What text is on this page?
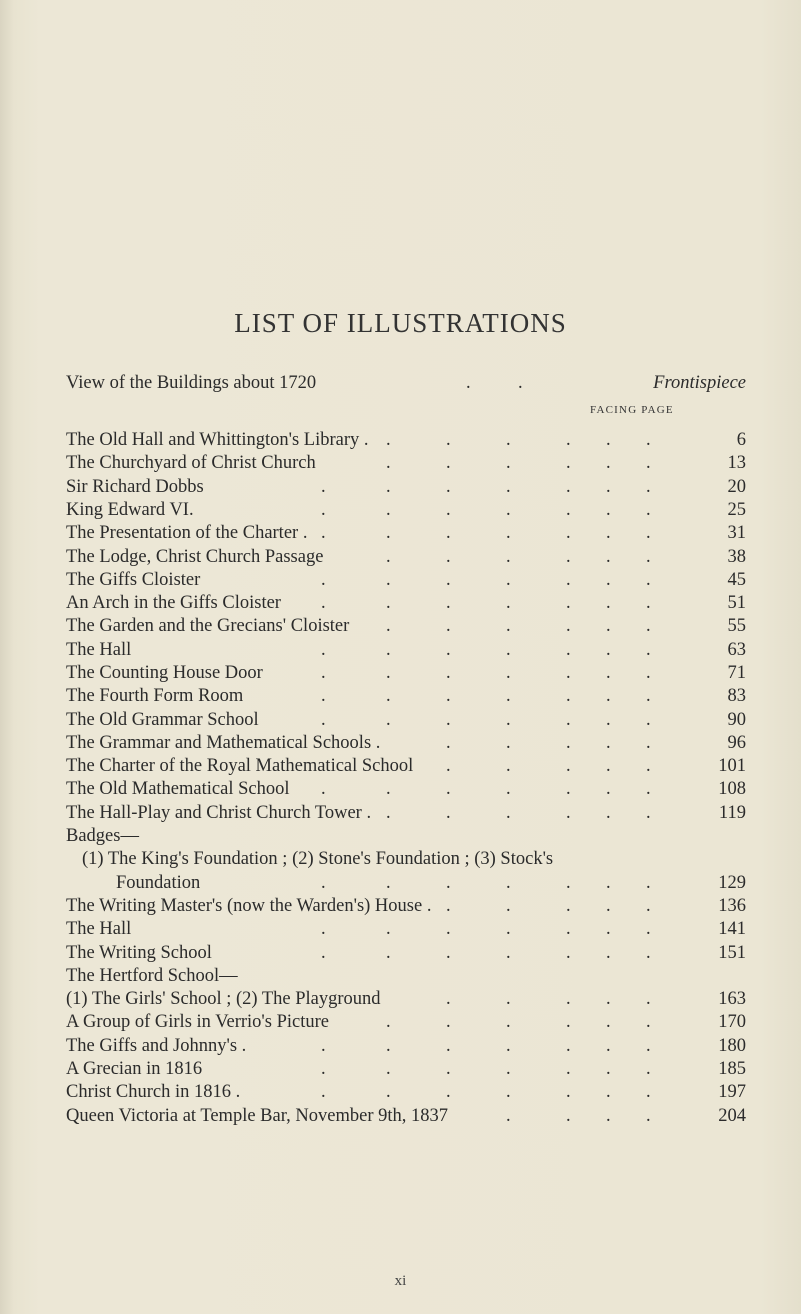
LIST OF ILLUSTRATIONS
View of the Buildings about 1720	.	.	Frontispiece
FACING PAGE
The Old Hall and Whittington's Library . .	.	.	. . .	6
The Churchyard of Christ Church	.	.	.	. . .	13
Sir Richard Dobbs	.	.	.	.	. . .	20
King Edward VI.	.	.	.	.	. . .	25
The Presentation of the Charter . .	.	.	.	. . .	31
The Lodge, Christ Church Passage	.	.	.	. . .	38
The Giffs Cloister	.	.	.	.	. . .	45
An Arch in the Giffs Cloister .	.	.	.	. . .	51
The Garden and the Grecians' Cloister .	.	.	. . .	55
The Hall	.	.	.	.	. . .	63
The Counting House Door	.	.	.	.	. . .	71
The Fourth Form Room	.	.	.	.	. . .	83
The Old Grammar School	.	.	.	.	. . .	90
The Grammar and Mathematical Schools .	.	.	. . .	96
The Charter of the Royal Mathematical School .	.	. . .	101
The Old Mathematical School .	.	.	.	. . .	108
The Hall-Play and Christ Church Tower . .	.	.	. . .	119
Badges—
(1) The King's Foundation ; (2) Stone's Foundation ; (3) Stock's
Foundation	.	.	.	.	. . .	129
The Writing Master's (now the Warden's) House . .	.	. . .	136
The Hall	.	.	.	.	. . .	141
The Writing School	.	.	.	.	. . .	151
The Hertford School—
(1) The Girls' School ; (2) The Playground	.	.	. . .	163
A Group of Girls in Verrio's Picture	.	.	.	. . .	170
The Giffs and Johnny's .	.	.	.	.	. . .	180
A Grecian in 1816	.	.	.	.	. . .	185
Christ Church in 1816 .	.	.	.	.	. . .	197
Queen Victoria at Temple Bar, November 9th, 1837	.	. . .	204
xi
